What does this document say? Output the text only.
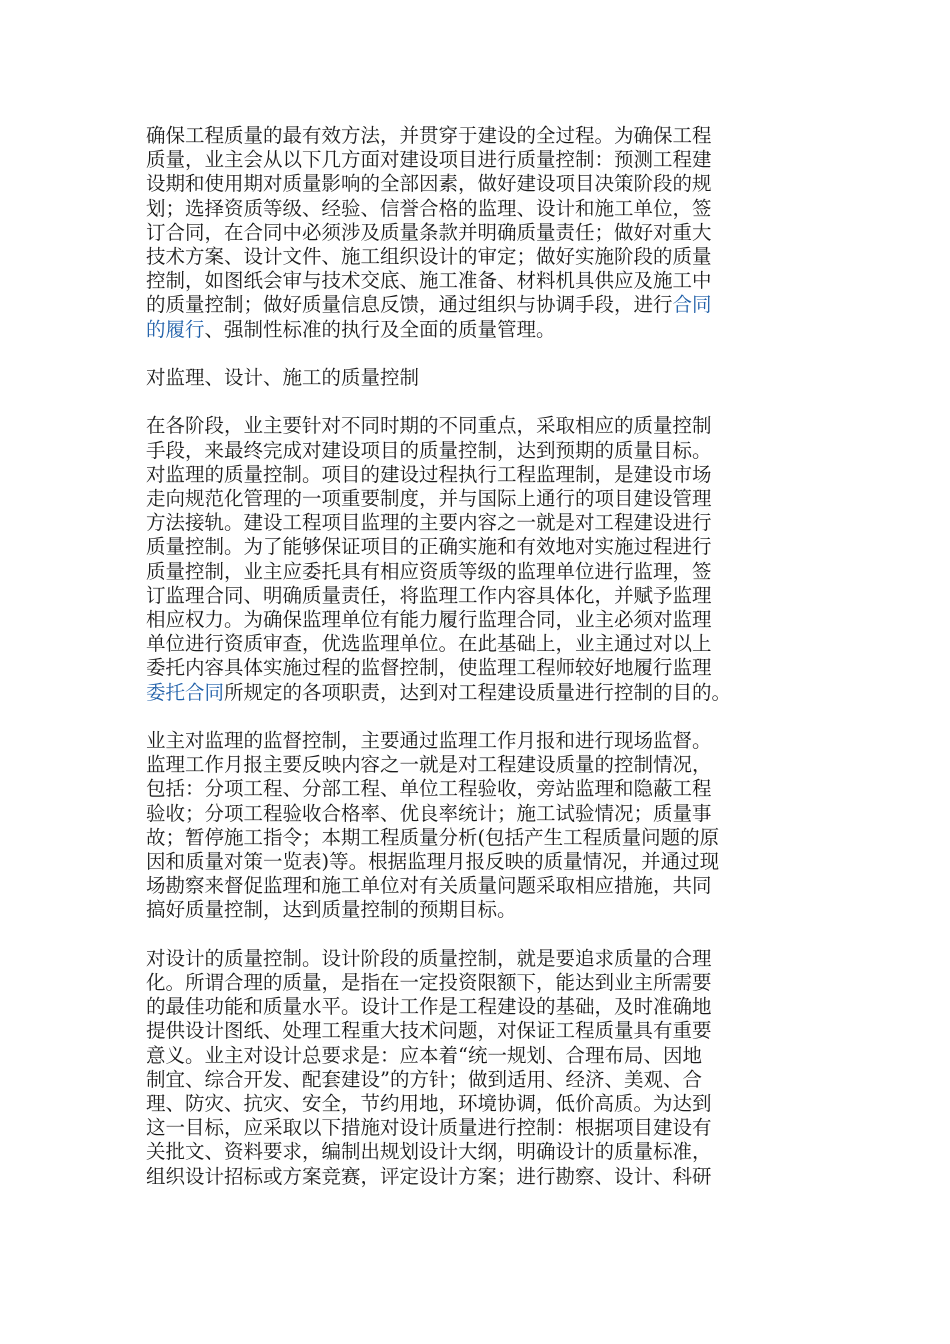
确保工程质量的最有效方法，并贯穿于建设的全过程。为确保工程
质量，业主会从以下几方面对建设项目进行质量控制：预测工程建
设期和使用期对质量影响的全部因素，做好建设项目决策阶段的规
划；选择资质等级、经验、信誉合格的监理、设计和施工单位，签
订合同，在合同中必须涉及质量条款并明确质量责任；做好对重大
技术方案、设计文件、施工组织设计的审定；做好实施阶段的质量
控制，如图纸会审与技术交底、施工准备、材料机具供应及施工中
的质量控制；做好质量信息反馈，通过组织与协调手段，进行合同
的履行、强制性标准的执行及全面的质量管理。
对监理、设计、施工的质量控制
在各阶段，业主要针对不同时期的不同重点，采取相应的质量控制
手段，来最终完成对建设项目的质量控制，达到预期的质量目标。
对监理的质量控制。项目的建设过程执行工程监理制，是建设市场
走向规范化管理的一项重要制度，并与国际上通行的项目建设管理
方法接轨。建设工程项目监理的主要内容之一就是对工程建设进行
质量控制。为了能够保证项目的正确实施和有效地对实施过程进行
质量控制，业主应委托具有相应资质等级的监理单位进行监理，签
订监理合同、明确质量责任，将监理工作内容具体化，并赋予监理
相应权力。为确保监理单位有能力履行监理合同，业主必须对监理
单位进行资质审查，优选监理单位。在此基础上，业主通过对以上
委托内容具体实施过程的监督控制，使监理工程师较好地履行监理
委托合同所规定的各项职责，达到对工程建设质量进行控制的目的。
业主对监理的监督控制，主要通过监理工作月报和进行现场监督。
监理工作月报主要反映内容之一就是对工程建设质量的控制情况，
包括：分项工程、分部工程、单位工程验收，旁站监理和隐蔽工程
验收；分项工程验收合格率、优良率统计；施工试验情况；质量事
故；暂停施工指令；本期工程质量分析(包括产生工程质量问题的原
因和质量对策一览表)等。根据监理月报反映的质量情况，并通过现
场勘察来督促监理和施工单位对有关质量问题采取相应措施，共同
搞好质量控制，达到质量控制的预期目标。
对设计的质量控制。设计阶段的质量控制，就是要追求质量的合理
化。所谓合理的质量，是指在一定投资限额下，能达到业主所需要
的最佳功能和质量水平。设计工作是工程建设的基础，及时准确地
提供设计图纸、处理工程重大技术问题，对保证工程质量具有重要
意义。业主对设计总要求是：应本着“统一规划、合理布局、因地
制宜、综合开发、配套建设”的方针；做到适用、经济、美观、合
理、防灾、抗灾、安全，节约用地，环境协调，低价高质。为达到
这一目标，应采取以下措施对设计质量进行控制：根据项目建设有
关批文、资料要求，编制出规划设计大纲，明确设计的质量标准，
组织设计招标或方案竞赛，评定设计方案；进行勘察、设计、科研
